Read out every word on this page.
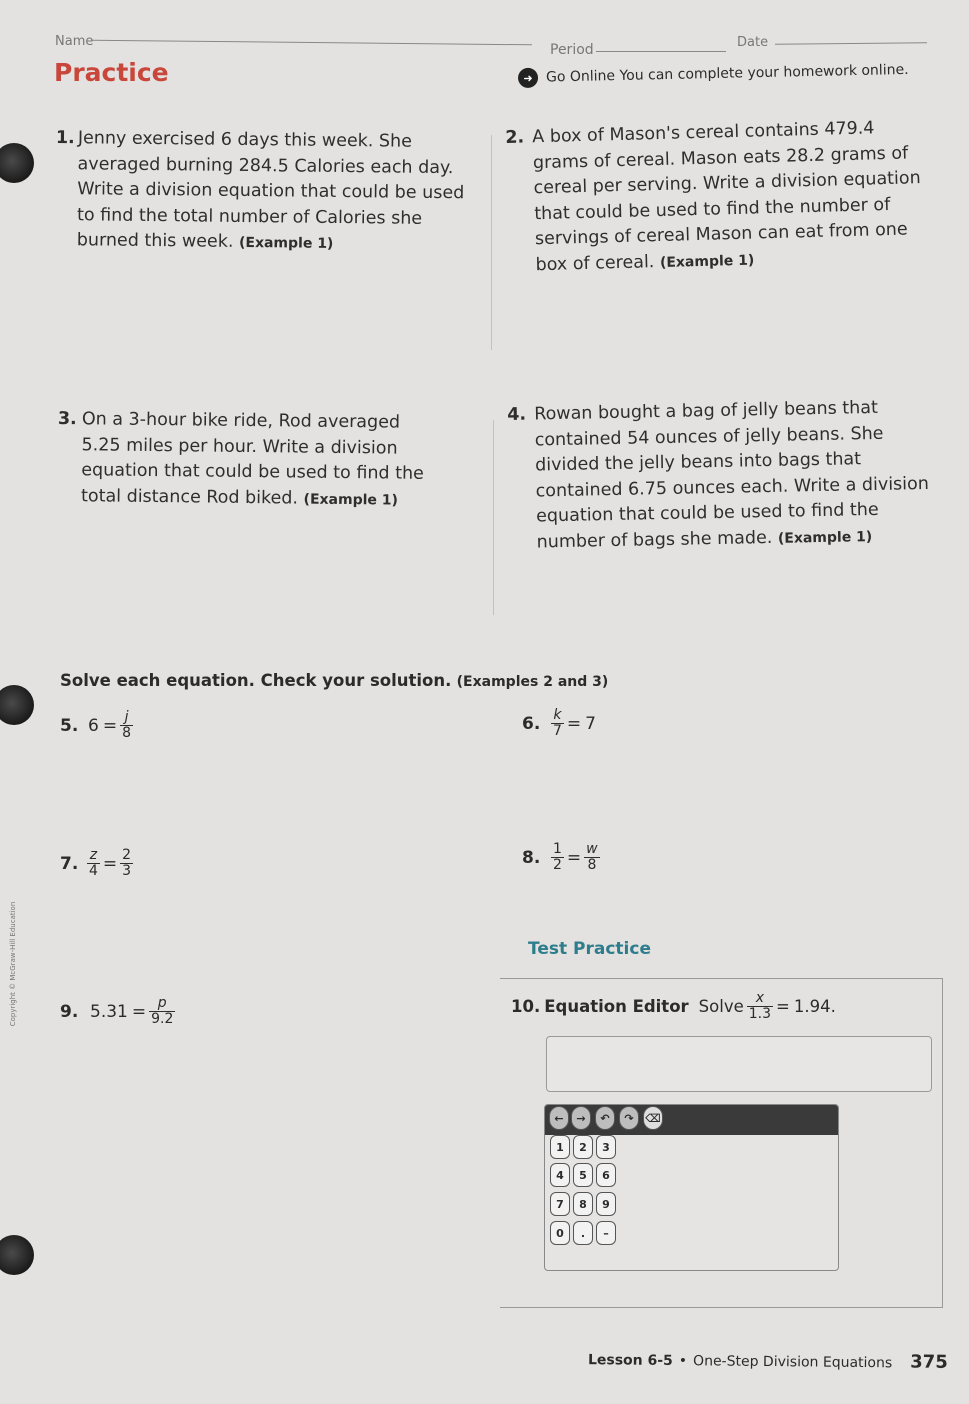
Copyright © McGraw-Hill Education
Name
Period	Date
Practice	➜ Go Online You can complete your homework online.
1. Jenny exercised 6 days this week. She
averaged burning 284.5 Calories each day.
Write a division equation that could be used
to find the total number of Calories she
burned this week. (Example 1)
2. A box of Mason's cereal contains 479.4
grams of cereal. Mason eats 28.2 grams of
cereal per serving. Write a division equation
that could be used to find the number of
servings of cereal Mason can eat from one
box of cereal. (Example 1)
3. On a 3-hour bike ride, Rod averaged
5.25 miles per hour. Write a division
equation that could be used to find the
total distance Rod biked. (Example 1)
4. Rowan bought a bag of jelly beans that
contained 54 ounces of jelly beans. She
divided the jelly beans into bags that
contained 6.75 ounces each. Write a division
equation that could be used to find the
number of bags she made. (Example 1)
Solve each equation. Check your solution. (Examples 2 and 3)
5. $6 = \frac{j}{8}$	6. $\frac{k}{7} = 7$
7. $\frac{z}{4} = \frac{2}{3}$	8. $\frac{1}{2} = \frac{w}{8}$
Test Practice
9. $5.31 = \frac{p}{9.2}$	10. Equation Editor Solve $\frac{x}{1.3} = 1.94$.
←	→	↶	↷	⌫
1	2	3
4	5	6
7	8	9
0	.	–
Lesson 6-5 • One-Step Division Equations 375
